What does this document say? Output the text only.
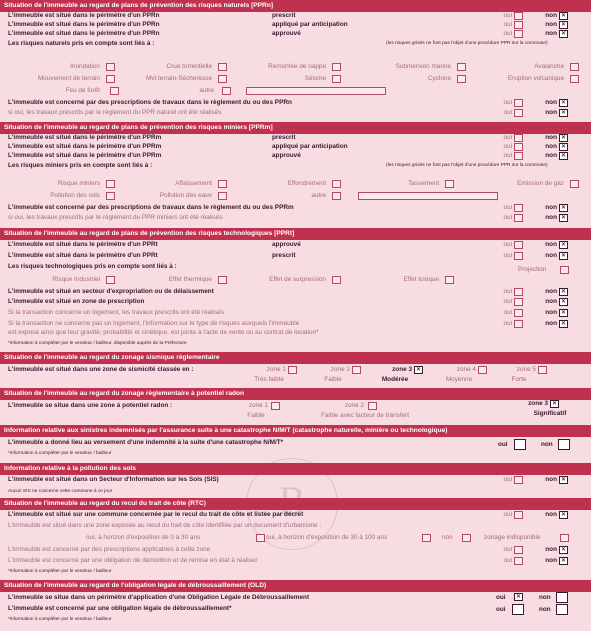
Situation de l'immeuble au regard de plans de prévention des risques naturels [PPRn]
L'immeuble est situé dans le périmètre d'un PPRn	prescrit	oui	non
✕
L'immeuble est situé dans le périmètre d'un PPRn	appliqué par anticipation	oui	non
✕
L'immeuble est situé dans le périmètre d'un PPRn	approuvé	oui	non
✕
Les risques naturels pris en compte sont liés à :	(les risques grisés ne font pas l'objet d'une procédure PPR sur la commune)
Inondation	Crue torrentielle	Remontée de nappe	Submersion marine	Avalanche
Mouvement de terrain	Mvt terrain-Sécheresse	Séisme	Cyclone	Eruption volcanique
Feu de forêt	autre
L'immeuble est concerné par des prescriptions de travaux dans le règlement du ou des PPRn	oui	non
✕
si oui, les travaux prescrits par le règlement du PPR naturel ont été réalisés	oui	non
✕
Situation de l'immeuble au regard de plans de prévention des risques miniers [PPRm]
L'immeuble est situé dans le périmètre d'un PPRm	prescrit	oui	non
✕
L'immeuble est situé dans le périmètre d'un PPRm	appliqué par anticipation	oui	non
✕
L'immeuble est situé dans le périmètre d'un PPRm	approuvé	oui	non
✕
Les risques miniers pris en compte sont liés à :	(les risques grisés ne font pas l'objet d'une procédure PPR sur la commune)
Risque miniers	Affaissement	Effondrement	Tassement	Emission de gaz
Pollution des sols	Pollution des eaux	autre
L'immeuble est concerné par des prescriptions de travaux dans le règlement du ou des PPRm	oui	non
✕
si oui, les travaux prescrits par le règlement du PPR miniers ont été réalisés	oui	non
✕
Situation de l'immeuble au regard de plans de prévention des risques technologiques [PPRt]
L'immeuble est situé dans le périmètre d'un PPRt	approuvé	oui	non
✕
L'immeuble est situé dans le périmètre d'un PPRt	prescrit	oui	non
✕
Les risques technologiques pris en compte sont liés à :	Projection
Risque Industriel	Effet thermique	Effet de surpression	Effet toxique
L'immeuble est situé en secteur d'expropriation ou de délaissement	oui	non
✕
L'immeuble est situé en zone de prescription	oui	non
✕
Si la transaction concerne un logement, les travaux prescrits ont été réalisés	oui	non
✕
Si la transaction ne concerne pas un logement, l'information sur le type de risques auxquels l'immeuble	oui	non
✕
est exposé ainsi que leur gravité, probabilité et cinétique, est jointe à l'acte de vente ou au contrat de location*
*information à compléter par le vendeur / bailleur, disponible auprès de la Préfecture
Situation de l'immeuble au regard du zonage sismique règlementaire
L'immeuble est situé dans une zone de sismicité classée en :	zone 1
Très faible
zone 2
Faible
zone 3
✕
Modérée
zone 4
Moyenne
zone 5
Forte
Situation de l'immeuble au regard du zonage règlementaire à potentiel radon
L'immeuble se situe dans une zone à potentiel radon :	zone 1
Faible
zone 2
Faible avec facteur de transfert
zone 3
✕
Significatif
Information relative aux sinistres indemnisés par l'assurance suite à une catastrophe N/M/T (catastrophe naturelle, minière ou technologique)
L'immeuble a donné lieu au versement d'une indemnité à la suite d'une catastrophe N/M/T*	oui	non
*information à compléter par le vendeur / bailleur
Information relative à la pollution des sols
L'immeuble est situé dans un Secteur d'Information sur les Sols (SIS)	oui	non
✕
Aucun SIS ne concerne cette commune à ce jour
Situation de l'immeuble au regard du recul du trait de côte (RTC)
L'immeuble est situé sur une commune concernée par le recul du trait de côte et listée par décret	oui	non
✕
L'immeuble est situé dans une zone exposée au recul du trait de côte identifiée par un document d'urbanisme :
oui, à horizon d'exposition de 0 à 30 ans	oui, à horizon d'exposition de 30 à 100 ans	non	zonage indisponible
L'immeuble est concerné par des prescriptions applicables à cette zone	oui	non
✕
L'immeuble est concerné par une obligation de démolition et de remise en état à réaliser	oui	non
✕
*information à compléter par le vendeur / bailleur
Situation de l'immeuble au regard de l'obligation légale de débroussaillement (OLD)
L'immeuble se situe dans un périmètre d'application d'une Obligation Légale de Débroussaillement	oui
✕	non
L'immeuble est concerné par une obligation légale de débroussaillement*	oui	non
*information à compléter par le vendeur / bailleur
